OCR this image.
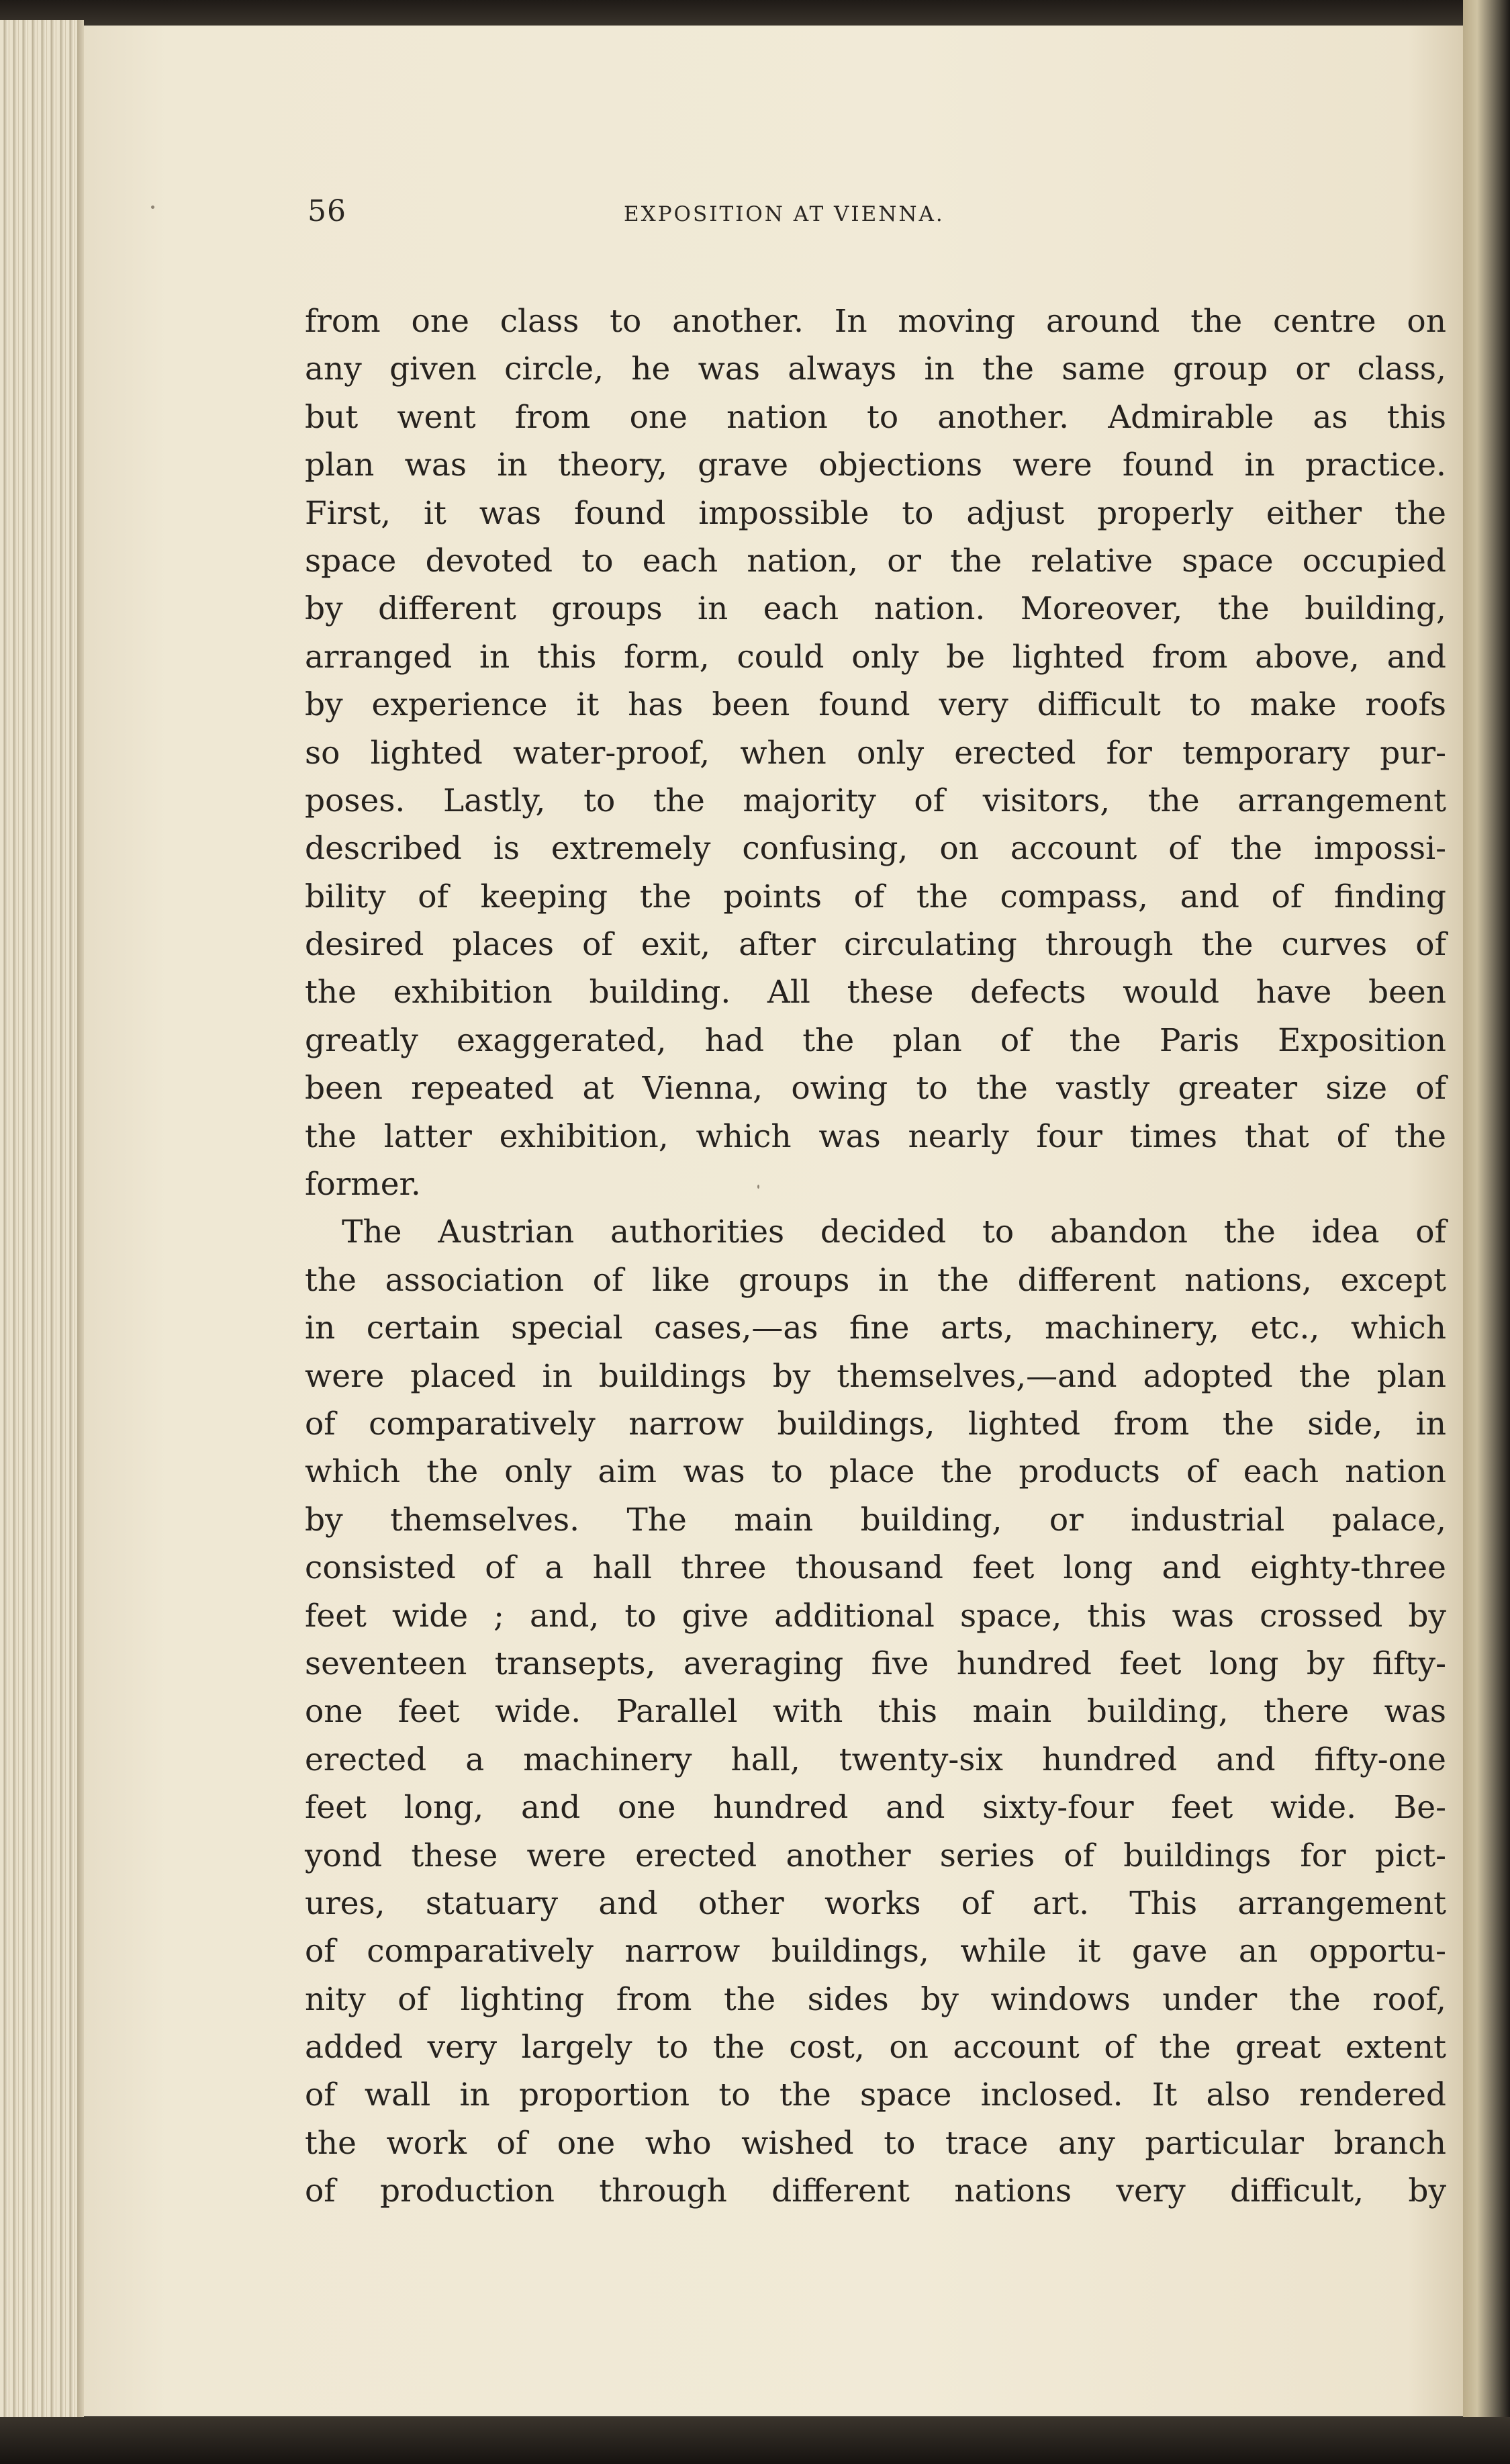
56	EXPOSITION AT VIENNA.
from one class to another. In moving around the centre on
any given circle, he was always in the same group or class,
but went from one nation to another. Admirable as this
plan was in theory, grave objections were found in practice.
First, it was found impossible to adjust properly either the
space devoted to each nation, or the relative space occupied
by different groups in each nation. Moreover, the building,
arranged in this form, could only be lighted from above, and
by experience it has been found very difficult to make roofs
so lighted water-proof, when only erected for temporary pur-
poses. Lastly, to the majority of visitors, the arrangement
described is extremely confusing, on account of the impossi-
bility of keeping the points of the compass, and of finding
desired places of exit, after circulating through the curves of
the exhibition building. All these defects would have been
greatly exaggerated, had the plan of the Paris Exposition
been repeated at Vienna, owing to the vastly greater size of
the latter exhibition, which was nearly four times that of the
former.
The Austrian authorities decided to abandon the idea of
the association of like groups in the different nations, except
in certain special cases,—as fine arts, machinery, etc., which
were placed in buildings by themselves,—and adopted the plan
of comparatively narrow buildings, lighted from the side, in
which the only aim was to place the products of each nation
by themselves. The main building, or industrial palace,
consisted of a hall three thousand feet long and eighty-three
feet wide ; and, to give additional space, this was crossed by
seventeen transepts, averaging five hundred feet long by fifty-
one feet wide. Parallel with this main building, there was
erected a machinery hall, twenty-six hundred and fifty-one
feet long, and one hundred and sixty-four feet wide. Be-
yond these were erected another series of buildings for pict-
ures, statuary and other works of art. This arrangement
of comparatively narrow buildings, while it gave an opportu-
nity of lighting from the sides by windows under the roof,
added very largely to the cost, on account of the great extent
of wall in proportion to the space inclosed. It also rendered
the work of one who wished to trace any particular branch
of production through different nations very difficult, by
